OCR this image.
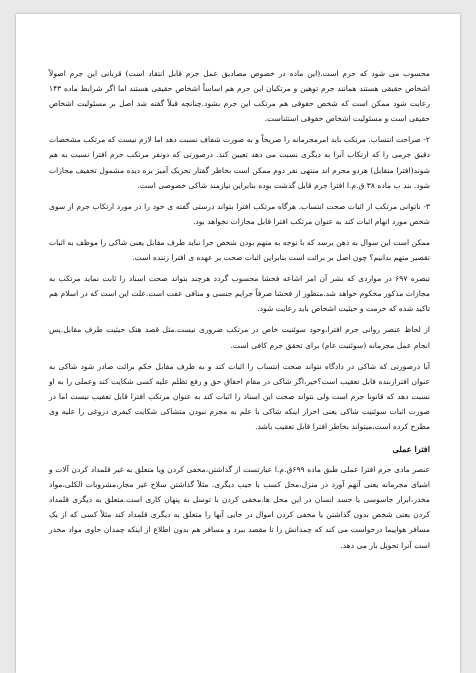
محسوب می شود که جرم است.(این ماده در خصوص مصادیق عمل جرم قابل انتقاد است) قربانی این جرم اصولاً اشخاص حقیقی هستند همانند جرم توهین و مرتکبان این جرم هم اساساً اشخاص حقیقی هستند اما اگر شرایط ماده ۱۴۳ رعایت شود ممکن است که شخص حقوقی هم مرتکب این جرم بشود.چنانچه قبلاً گفته شد اصل بر مسئولیت اشخاص حقیقی است و مسئولیت اشخاص حقوقی استثناست.

۲- صراحت انتساب. مرتکب باید امرمجرمانه را صریحاً و به صورت شفاف نسبت دهد اما لازم نیست که مرتکب مشخصات دقیق جرمی را که ارتکاب آنرا به دیگری نسبت می دهد تعیین کند. درصورتی که دونفر مرتکب جرم افترا نسبت به هم شوند(افترا متقابل) هردو مجرم اند منتهی نفر دوم ممکن است بخاطر گفتار تحریک آمیز بزه دیده مشمول تخفیف مجازات شود. بند ب ماده ۳۸ ق.م.ا افترا جرم قابل گذشت بوده بنابراین نیازمند شاکی خصوصی است.

۳- ناتوانی مرتکب از اثبات صحت انتساب. هرگاه مرتکب افترا بتواند درستی گفته ی خود را در مورد ارتکاب جرم از سوی شخص مورد اتهام اثبات کند به عنوان مرتکب افترا قابل مجازات نخواهد بود.

ممکن است این سوال به ذهن برسد که با توجه به متهم بودن شخص جرا نباید طرف مقابل یعنی شاکی را موظف به اثبات تقصیر متهم بدانیم؟ چون اصل بر برائت است بنابراین اثبات صحت بر عهده ی افترا زننده است.

تبصره ۶۹۷ در مواردی که نشر آن امر اشاعه فحشا محسوب گردد هرچند بتواند صحت اسناد را ثابت نماید مرتکب به مجازات مذکور محکوم خواهد شد.منظور از فحشا صرفاً جرایم جنسی و منافی عفت است.علت این است که در اسلام هم تاکید شده که حرمت و حیثیت اشخاص باید رعایت شود.

از لحاظ عنصر روانی جرم افترا،وجود سوئنیت خاص در مرتکب ضروری نیست.مثل قصد هتک حیثیت طرف مقابل.پس انجام عمل مجرمانه (سوئنیت عام) برای تحقق جرم کافی است.

آیا درصورتی که شاکی در دادگاه نتواند صحت انتساب را اثبات کند و به طرف مقابل حکم برائت صادر شود شاکی به عنوان افتراز‌ننده قابل تعقیب است؟خیر،اگر شاکی در مقام احقاق حق و رفع تظلم علیه کسی شکایت کند وعملی را به او نسبت دهد که قانونا جرم است ولی نتواند صحت این اسناد را اثبات کند به عنوان مرتکب افترا قابل تعقیب نیست اما در صورت اثبات سوئنیت شاکی یعنی احراز اینکه شاکی با علم به مجرم نبودن متشاکی شکایت کیفری دروغی را علیه وی مطرح کرده است،میتواند بخاطر افترا قابل تعقیب باشد.

افترا عملی

عنصر مادی جرم افترا عملی طبق ماده ۶۹۹ق.م.ا عبارتست از گذاشتن،مخفی کردن ویا متعلق به غیر قلمداد کردن آلات و اشیای مجرمانه یعنی آنهم آورد در منزل،محل کسب یا جیب دیگری. مثلاً گذاشتن سلاح غیر مجاز،مشروبات الکلی،مواد مخدر،ابزار جاسوسی یا جسد انسان در این محل ها.مخفی کردن با توسل به پنهان کاری است.متعلق به دیگری قلمداد کردن یعنی شخص بدون گذاشتن یا مخفی کردن اموال در جایی آنها را متعلق به دیگری قلمداد کند مثلاً کسی که از یک مسافر هواپیما درخواست می کند که چمدانش را تا مقصد ببرد و مسافر هم بدون اطلاع از اینکه چمدان حاوی مواد مخدر است آنرا تحویل بار می دهد.
